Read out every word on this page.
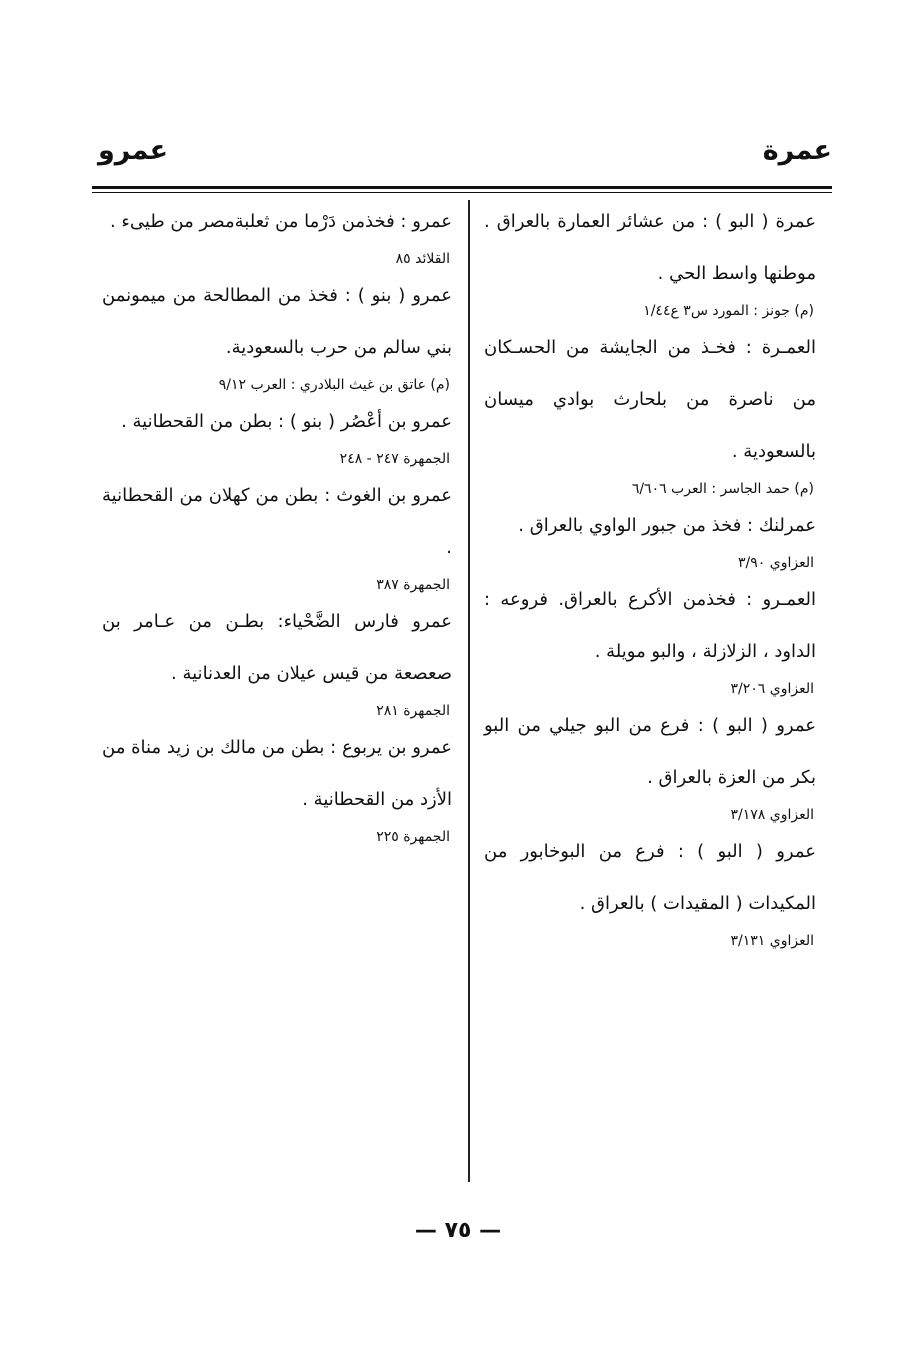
عمرة
عمرو

عمرة ( البو ) : من عشائر العمارة بالعراق . موطنها واسط الحي .

(م) جونز : المورد س٣ ع١/٤٤

العمـرة : فخـذ من الجايشة من الحسـكان من ناصرة من بلحارث بوادي ميسان بالسعودية .

(م) حمد الجاسر : العرب ٦/٦٠٦

عمرلنك : فخذ من جبور الواوي بالعراق .

العزاوي ٣/٩٠

العمـرو : فخذمن الأكرع بالعراق. فروعه : الداود ، الزلازلة ، والبو مويلة .

العزاوي ٣/٢٠٦

عمرو ( البو ) : فرع من البو جيلي من البو بكر من العزة بالعراق .

العزاوي ٣/١٧٨

عمرو ( البو ) : فرع من البوخابور من المكيدات ( المقيدات ) بالعراق .

العزاوي ٣/١٣١

عمرو : فخذمن دَرْما من ثعلبةمصر من طيىء .

القلائد ٨٥

عمرو ( بنو ) : فخذ من المطالحة من ميمونمن بني سالم من حرب بالسعودية.

(م) عاتق بن غيث البلادري : العرب ٩/١٢

عمرو بن أعْصُر ( بنو ) : بطن من القحطانية .

الجمهرة ٢٤٧ - ٢٤٨

عمرو بن الغوث : بطن من كهلان من القحطانية .

الجمهرة ٣٨٧

عمرو فارس الضَّحْياء: بطـن من عـامر بن صعصعة من قيس عيلان من العدنانية .

الجمهرة ٢٨١

عمرو بن يربوع : بطن من مالك بن زيد مناة من الأزد من القحطانية .

الجمهرة ٢٢٥

— ٧٥ —
